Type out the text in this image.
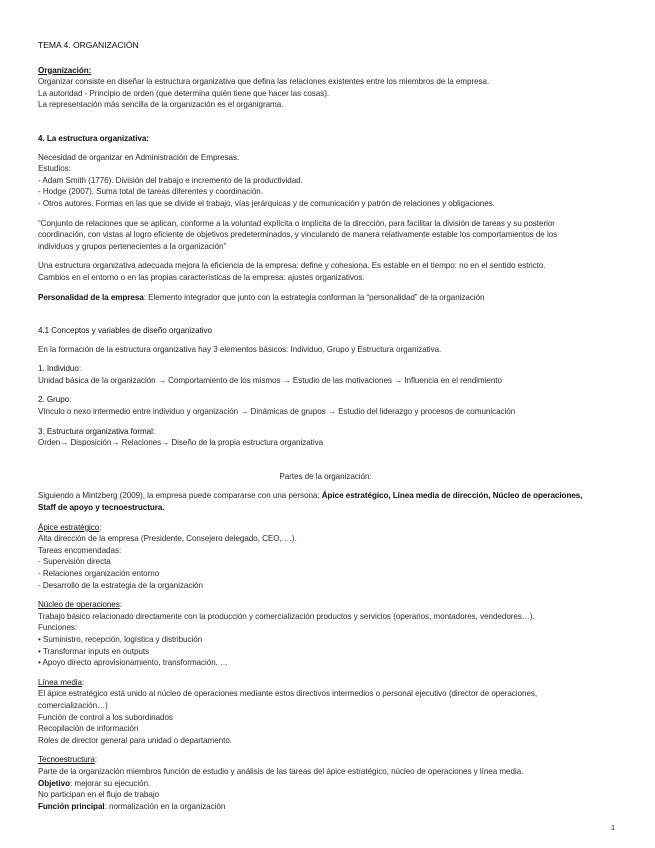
TEMA 4. ORGANIZACIÓN
Organización:
Organizar consiste en diseñar la estructura organizativa que defina las relaciones existentes entre los miembros de la empresa.
La autoridad - Principio de orden (que determina quién tiene que hacer las cosas).
La representación más sencilla de la organización es el organigrama.
4. La estructura organizativa:
Necesidad de organizar en Administración de Empresas.
Estudios:
- Adam Smith (1776). División del trabajo e incremento de la productividad.
- Hodge (2007). Suma total de tareas diferentes y coordinación.
- Otros autores. Formas en las que se divide el trabajo, vías jerárquicas y de comunicación y patrón de relaciones y obligaciones.
“Conjunto de relaciones que se aplican, conforme a la voluntad explícita o implícita de la dirección, para facilitar la división de tareas y su posterior
coordinación, con vistas al logro eficiente de objetivos predeterminados, y vinculando de manera relativamente estable los comportamientos de los
individuos y grupos pertenecientes a la organización”
Una estructura organizativa adecuada mejora la eficiencia de la empresa: define y cohesiona. Es estable en el tiempo: no en el sentido estricto.
Cambios en el entorno o en las propias características de la empresa: ajustes organizativos.
Personalidad de la empresa: Elemento integrador que junto con la estrategia conforman la “personalidad” de la organización
4.1 Conceptos y variables de diseño organizativo
En la formación de la estructura organizativa hay 3 elementos básicos: Individuo, Grupo y Estructura organizativa.
1. Individuo:
Unidad básica de la organización → Comportamiento de los mismos → Estudio de las motivaciones → Influencia en el rendimiento
2. Grupo:
Vínculo o nexo intermedio entre individuo y organización → Dinámicas de grupos → Estudio del liderazgo y procesos de comunicación
3. Estructura organizativa formal:
Orden→ Disposición→ Relaciones→ Diseño de la propia estructura organizativa
Partes de la organización:
Siguiendo a Mintzberg (2009), la empresa puede compararse con una persona: Ápice estratégico, Línea media de dirección, Núcleo de operaciones,
Staff de apoyo y tecnoestructura.
Ápice estratégico:
Alta dirección de la empresa (Presidente, Consejero delegado, CEO, …).
Tareas encomendadas:
- Supervisión directa
- Relaciones organización entorno
- Desarrollo de la estrategia de la organización
Núcleo de operaciones:
Trabajo básico relacionado directamente con la producción y comercialización productos y servicios (operarios, montadores, vendedores…).
Funciones:
• Suministro, recepción, logística y distribución
• Transformar inputs en outputs
• Apoyo directo aprovisionamiento, transformación, …
Línea media:
El ápice estratégico está unido al núcleo de operaciones mediante estos directivos intermedios o personal ejecutivo (director de operaciones,
comercialización…)
Función de control a los subordinados
Recopilación de información
Roles de director general para unidad o departamento.
Tecnoestructura:
Parte de la organización miembros función de estudio y análisis de las tareas del ápice estratégico, núcleo de operaciones y línea media.
Objetivo: mejorar su ejecución.
No participan en el flujo de trabajo
Función principal: normalización en la organización
1
